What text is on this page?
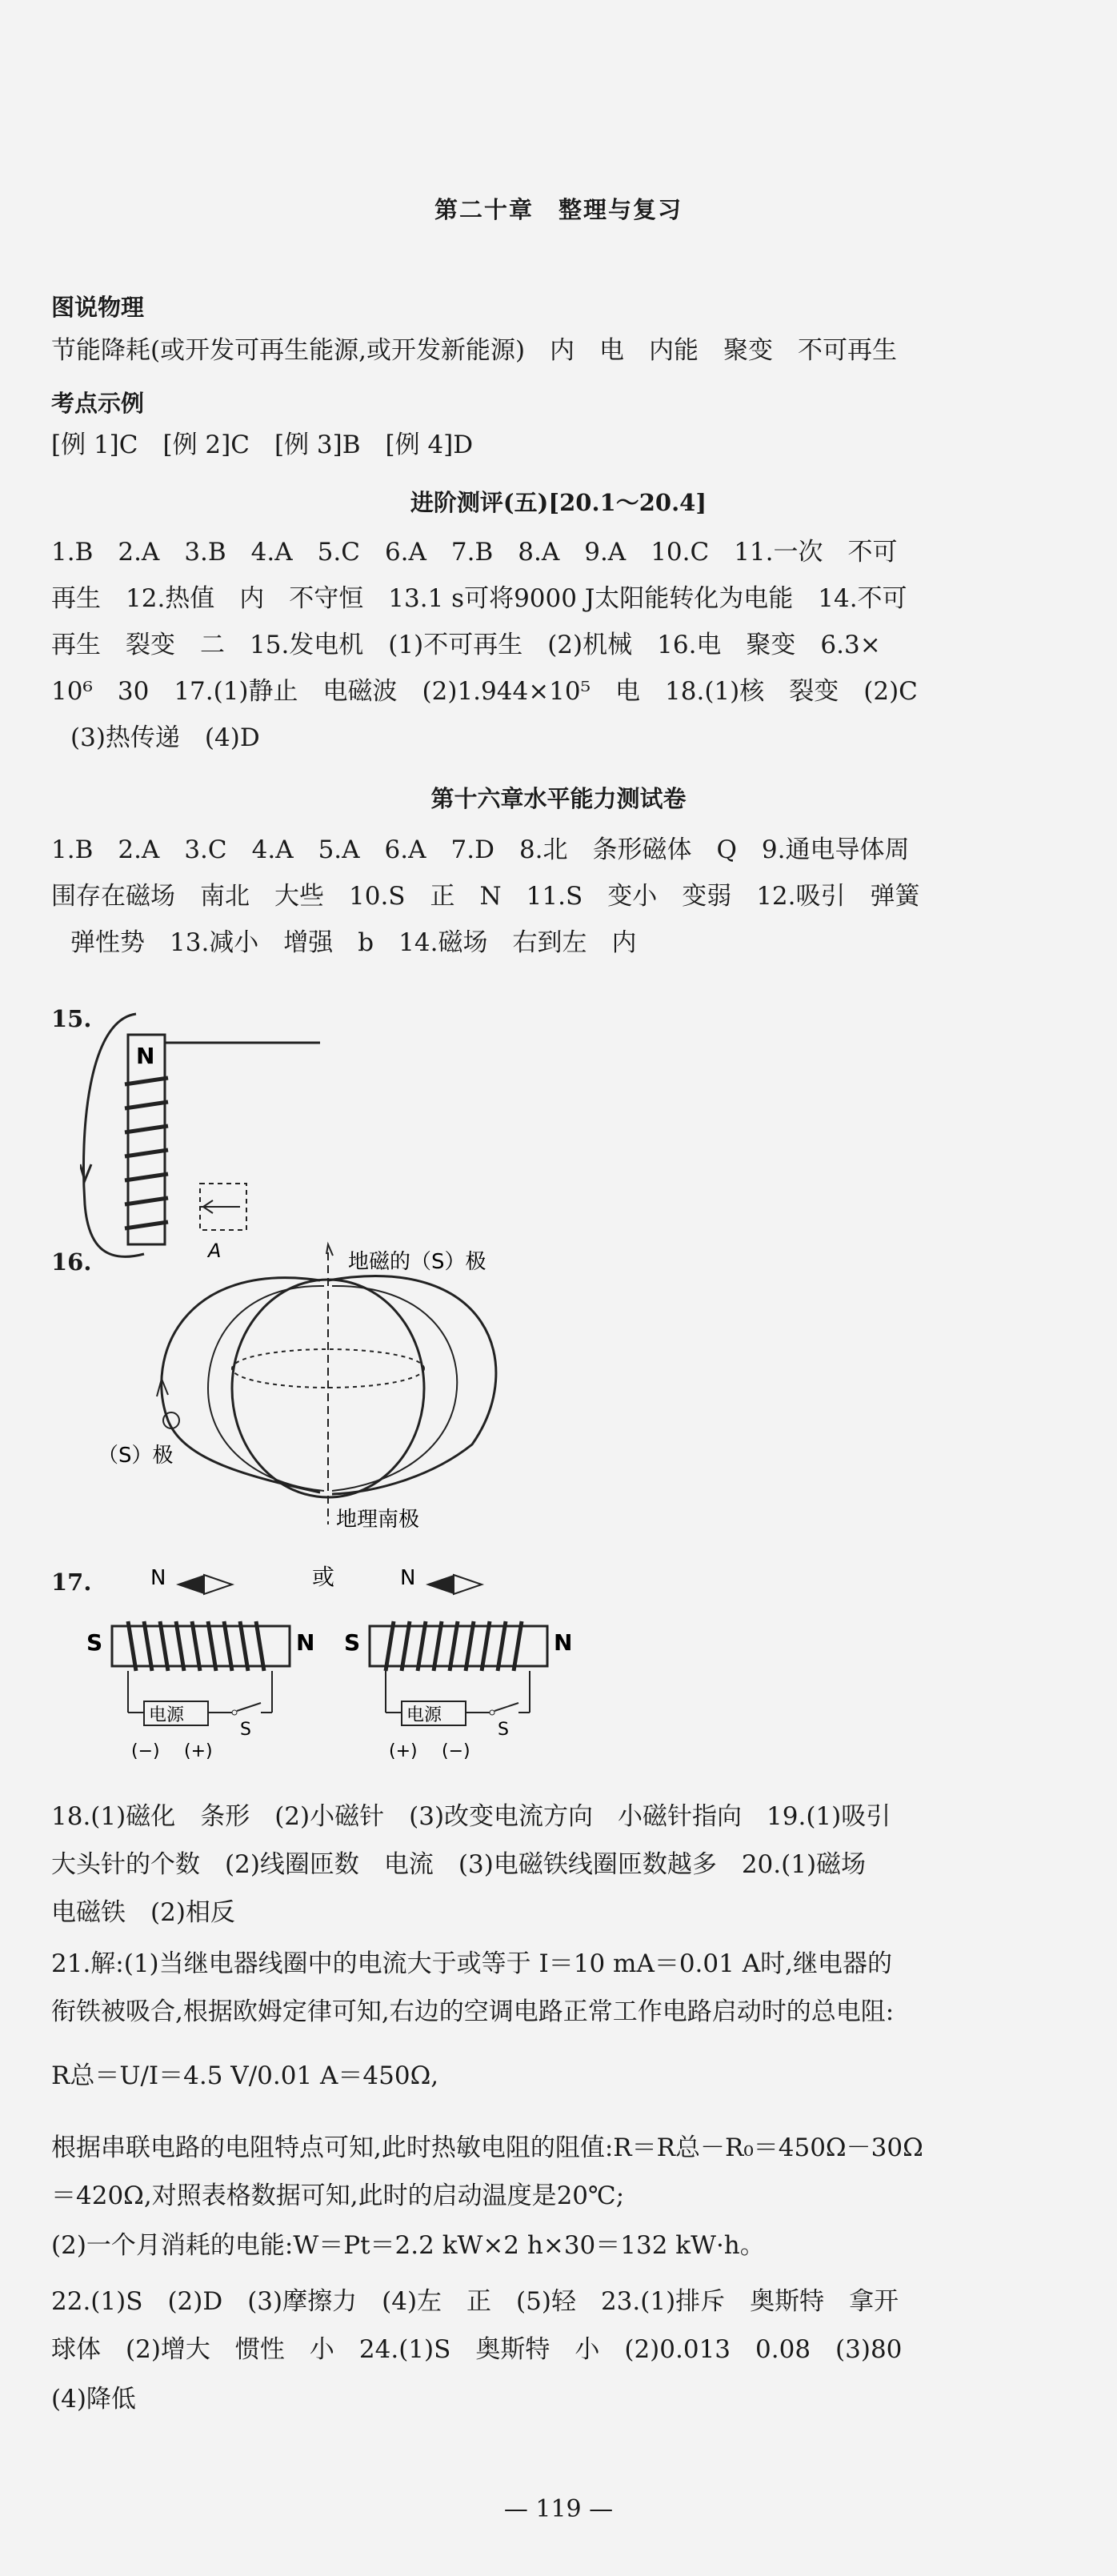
第二十章　整理与复习
图说物理
节能降耗(或开发可再生能源,或开发新能源)　内　电　内能　聚变　不可再生
考点示例
[例 1]C　[例 2]C　[例 3]B　[例 4]D
进阶测评(五)[20.1～20.4]
1.B　2.A　3.B　4.A　5.C　6.A　7.B　8.A　9.A　10.C　11.一次　不可
再生　12.热值　内　不守恒　13.1 s可将9000 J太阳能转化为电能　14.不可
再生　裂变　二　15.发电机　(1)不可再生　(2)机械　16.电　聚变　6.3×
10⁶　30　17.(1)静止　电磁波　(2)1.944×10⁵　电　18.(1)核　裂变　(2)C
(3)热传递　(4)D
第十六章水平能力测试卷
1.B　2.A　3.C　4.A　5.A　6.A　7.D　8.北　条形磁体　Q　9.通电导体周
围存在磁场　南北　大些　10.S　正　N　11.S　变小　变弱　12.吸引　弹簧
弹性势　13.减小　增强　b　14.磁场　右到左　内
15.
N
A
16.	地磁的（S）极
（S）极
地理南极
17.	N
S	N
电源
S
(−) (+)
或	N
S	N
电源
S
(+) (−)
18.(1)磁化　条形　(2)小磁针　(3)改变电流方向　小磁针指向　19.(1)吸引
大头针的个数　(2)线圈匝数　电流　(3)电磁铁线圈匝数越多　20.(1)磁场
电磁铁　(2)相反
21.解:(1)当继电器线圈中的电流大于或等于 I＝10 mA＝0.01 A时,继电器的
衔铁被吸合,根据欧姆定律可知,右边的空调电路正常工作电路启动时的总电阻:
R总＝U/I＝4.5 V/0.01 A＝450Ω,
根据串联电路的电阻特点可知,此时热敏电阻的阻值:R＝R总－R₀＝450Ω－30Ω
＝420Ω,对照表格数据可知,此时的启动温度是20℃;
(2)一个月消耗的电能:W＝Pt＝2.2 kW×2 h×30＝132 kW·h。
22.(1)S　(2)D　(3)摩擦力　(4)左　正　(5)轻　23.(1)排斥　奥斯特　拿开
球体　(2)增大　惯性　小　24.(1)S　奥斯特　小　(2)0.013　0.08　(3)80
(4)降低
— 119 —
